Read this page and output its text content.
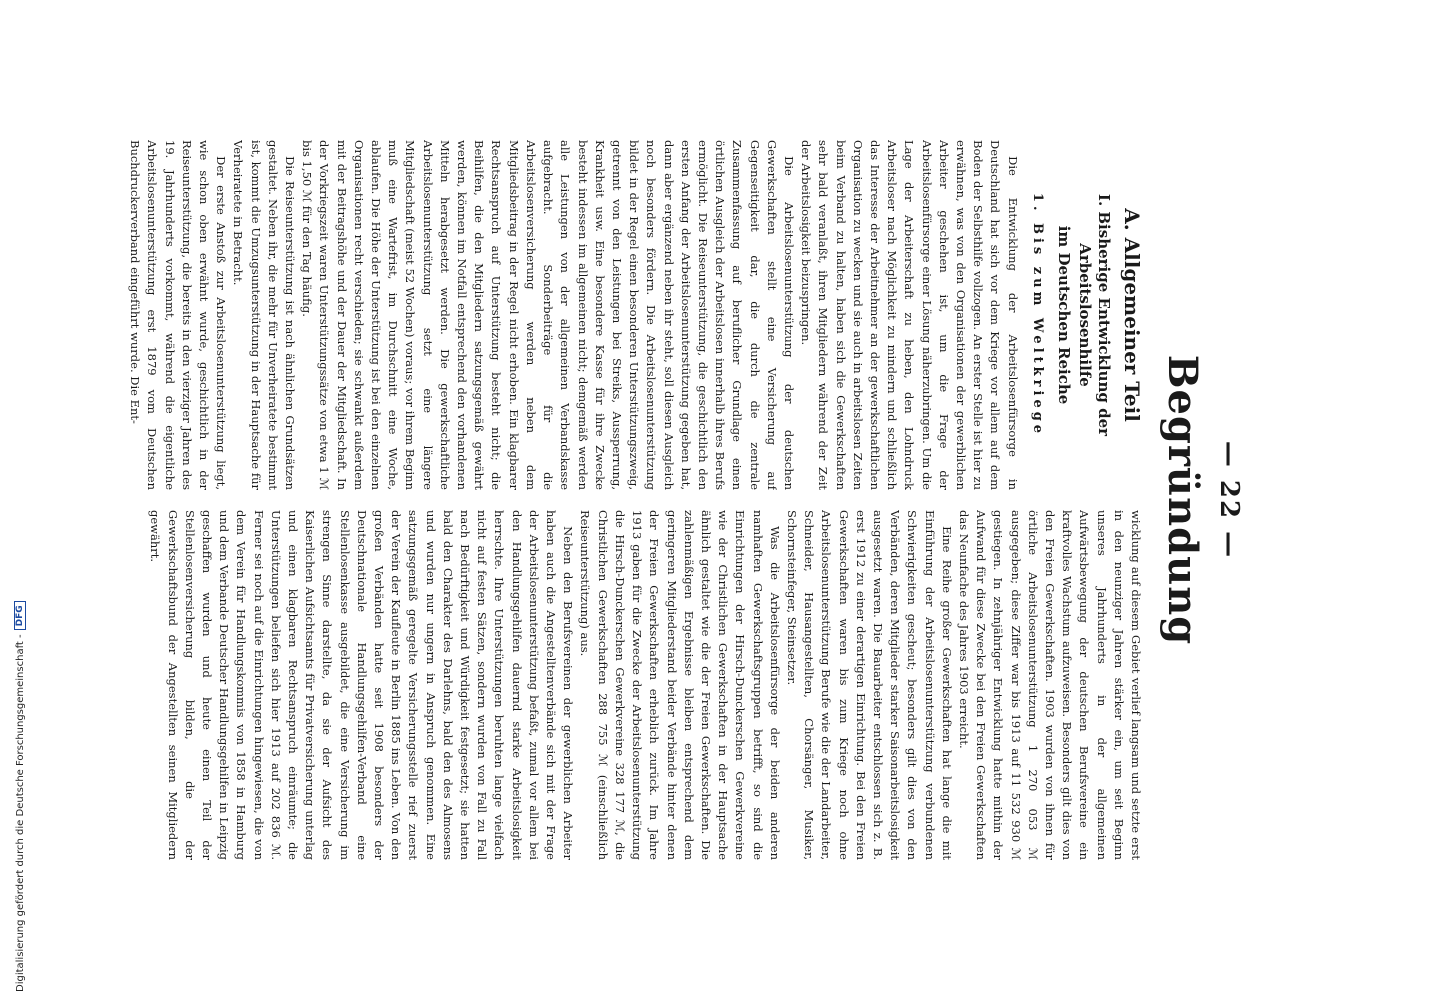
— 22 —
Begründung
A. Allgemeiner Teil
I. Bisherige Entwicklung der Arbeitslosenhilfe
im Deutschen Reiche
1. Bis zum Weltkriege

Die Entwicklung der Arbeitslosenfürsorge in Deutschland hat sich vor dem Kriege vor allem auf dem Boden der Selbsthilfe vollzogen. An erster Stelle ist hier zu erwähnen, was von den Organisationen der gewerblichen Arbeiter geschehen ist, um die Frage der Arbeitslosenfürsorge einer Lösung näherzubringen. Um die Lage der Arbeiterschaft zu heben, den Lohndruck Arbeitsloser nach Möglichkeit zu mindern und schließlich das Interesse der Arbeitnehmer an der gewerkschaftlichen Organisation zu wecken und sie auch in arbeitslosen Zeiten beim Verband zu halten, haben sich die Gewerkschaften sehr bald veranlaßt, ihren Mitgliedern während der Zeit der Arbeitslosigkeit beizuspringen.

Die Arbeitslosenunterstützung der deutschen Gewerkschaften stellt eine Versicherung auf Gegenseitigkeit dar, die durch die zentrale Zusammenfassung auf beruflicher Grundlage einen örtlichen Ausgleich der Arbeitslosen innerhalb ihres Berufs ermöglicht. Die Reiseunterstützung, die geschichtlich den ersten Anfang der Arbeitslosenunterstützung gegeben hat, dann aber ergänzend neben ihr steht, soll diesen Ausgleich noch besonders fördern. Die Arbeitslosenunterstützung bildet in der Regel einen besonderen Unterstützungszweig, getrennt von den Leistungen bei Streiks, Aussperrung, Krankheit usw. Eine besondere Kasse für ihre Zwecke besteht indessen im allgemeinen nicht; demgemäß werden alle Leistungen von der allgemeinen Verbandskasse aufgebracht. Sonderbeiträge für die Arbeitslosenversicherung werden neben dem Mitgliedsbeitrag in der Regel nicht erhoben. Ein klagbarer Rechtsanspruch auf Unterstützung besteht nicht; die Beihilfen, die den Mitgliedern satzungsgemäß gewährt werden, können im Notfall entsprechend den vorhandenen Mitteln herabgesetzt werden. Die gewerkschaftliche Arbeitslosenunterstützung setzt eine längere Mitgliedschaft (meist 52 Wochen) voraus; vor ihrem Beginn muß eine Wartefrist, im Durchschnitt eine Woche, ablaufen. Die Höhe der Unterstützung ist bei den einzelnen Organisationen recht verschieden; sie schwankt außerdem mit der Beitragshöhe und der Dauer der Mitgliedschaft. In der Vorkriegszeit waren Unterstützungssätze von etwa 1 ℳ bis 1,50 ℳ für den Tag häufig.

Die Reiseunterstützung ist nach ähnlichen Grundsätzen gestaltet. Neben ihr, die mehr für Unverheiratete bestimmt ist, kommt die Umzugsunterstützung in der Hauptsache für Verheiratete in Betracht.

Der erste Anstoß zur Arbeitslosenunterstützung liegt, wie schon oben erwähnt wurde, geschichtlich in der Reiseunterstützung, die bereits in den vierziger Jahren des 19. Jahrhunderts vorkommt, während die eigentliche Arbeitslosenunterstützung erst 1879 vom Deutschen Buchdruckerverband eingeführt wurde. Die Ent-

wicklung auf diesem Gebiet verlief langsam und setzte erst in den neunziger Jahren stärker ein, um seit Beginn unseres Jahrhunderts in der allgemeinen Aufwärtsbewegung der deutschen Berufsvereine ein kraftvolles Wachstum aufzuweisen. Besonders gilt dies von den Freien Gewerkschaften. 1903 wurden von ihnen für örtliche Arbeitslosenunterstützung 1 270 053 ℳ ausgegeben; diese Ziffer war bis 1913 auf 11 532 930 ℳ gestiegen. In zehnjähriger Entwicklung hatte mithin der Aufwand für diese Zwecke bei den Freien Gewerkschaften das Neunfache des Jahres 1903 erreicht.

Eine Reihe großer Gewerkschaften hat lange die mit Einführung der Arbeitslosenunterstützung verbundenen Schwierigkeiten gescheut; besonders gilt dies von den Verbänden, deren Mitglieder starker Saisonarbeitslosigkeit ausgesetzt waren. Die Bauarbeiter entschlossen sich z. B. erst 1912 zu einer derartigen Einrichtung. Bei den Freien Gewerkschaften waren bis zum Kriege noch ohne Arbeitslosenunterstützung Berufe wie die der Landarbeiter, Schneider, Hausangestellten, Chorsänger, Musiker, Schornsteinfeger, Steinsetzer.

Was die Arbeitslosenfürsorge der beiden anderen namhaften Gewerkschaftsgruppen betrifft, so sind die Einrichtungen der Hirsch-Dunckerschen Gewerkvereine wie der Christlichen Gewerkschaften in der Hauptsache ähnlich gestaltet wie die der Freien Gewerkschaften. Die zahlenmäßigen Ergebnisse bleiben entsprechend dem geringeren Mitgliederstand beider Verbände hinter denen der Freien Gewerkschaften erheblich zurück. Im Jahre 1913 gaben für die Zwecke der Arbeitslosenunterstützung die Hirsch-Dunckerschen Gewerkvereine 328 177 ℳ, die Christlichen Gewerkschaften 288 755 ℳ (einschließlich Reiseunterstützung) aus.

Neben den Berufsvereinen der gewerblichen Arbeiter haben auch die Angestelltenverbände sich mit der Frage der Arbeitslosenunterstützung befaßt, zumal vor allem bei den Handlungsgehilfen dauernd starke Arbeitslosigkeit herrschte. Ihre Unterstützungen beruhten lange vielfach nicht auf festen Sätzen, sondern wurden von Fall zu Fall nach Bedürftigkeit und Würdigkeit festgesetzt; sie hatten bald den Charakter des Darlehns, bald den des Almosens und wurden nur ungern in Anspruch genommen. Eine satzungsgemäß geregelte Versicherungsstelle rief zuerst der Verein der Kaufleute in Berlin 1885 ins Leben. Von den großen Verbänden hatte seit 1908 besonders der Deutschnationale Handlungsgehilfen-Verband eine Stellenlosenkasse ausgebildet, die eine Versicherung im strengen Sinne darstellte, da sie der Aufsicht des Kaiserlichen Aufsichtsamts für Privatversicherung unterlag und einen klagbaren Rechtsanspruch einräumte; die Unterstützungen beliefen sich hier 1913 auf 202 836 ℳ. Ferner sei noch auf die Einrichtungen hingewiesen, die von dem Verein für Handlungskommis von 1858 in Hamburg und dem Verbande Deutscher Handlungsgehilfen in Leipzig geschaffen wurden und heute einen Teil der Stellenlosenversicherung bilden, die der Gewerkschaftsbund der Angestellten seinen Mitgliedern gewährt.

Digitalisierung gefördert durch die Deutsche Forschungsgemeinschaft -
DFG
